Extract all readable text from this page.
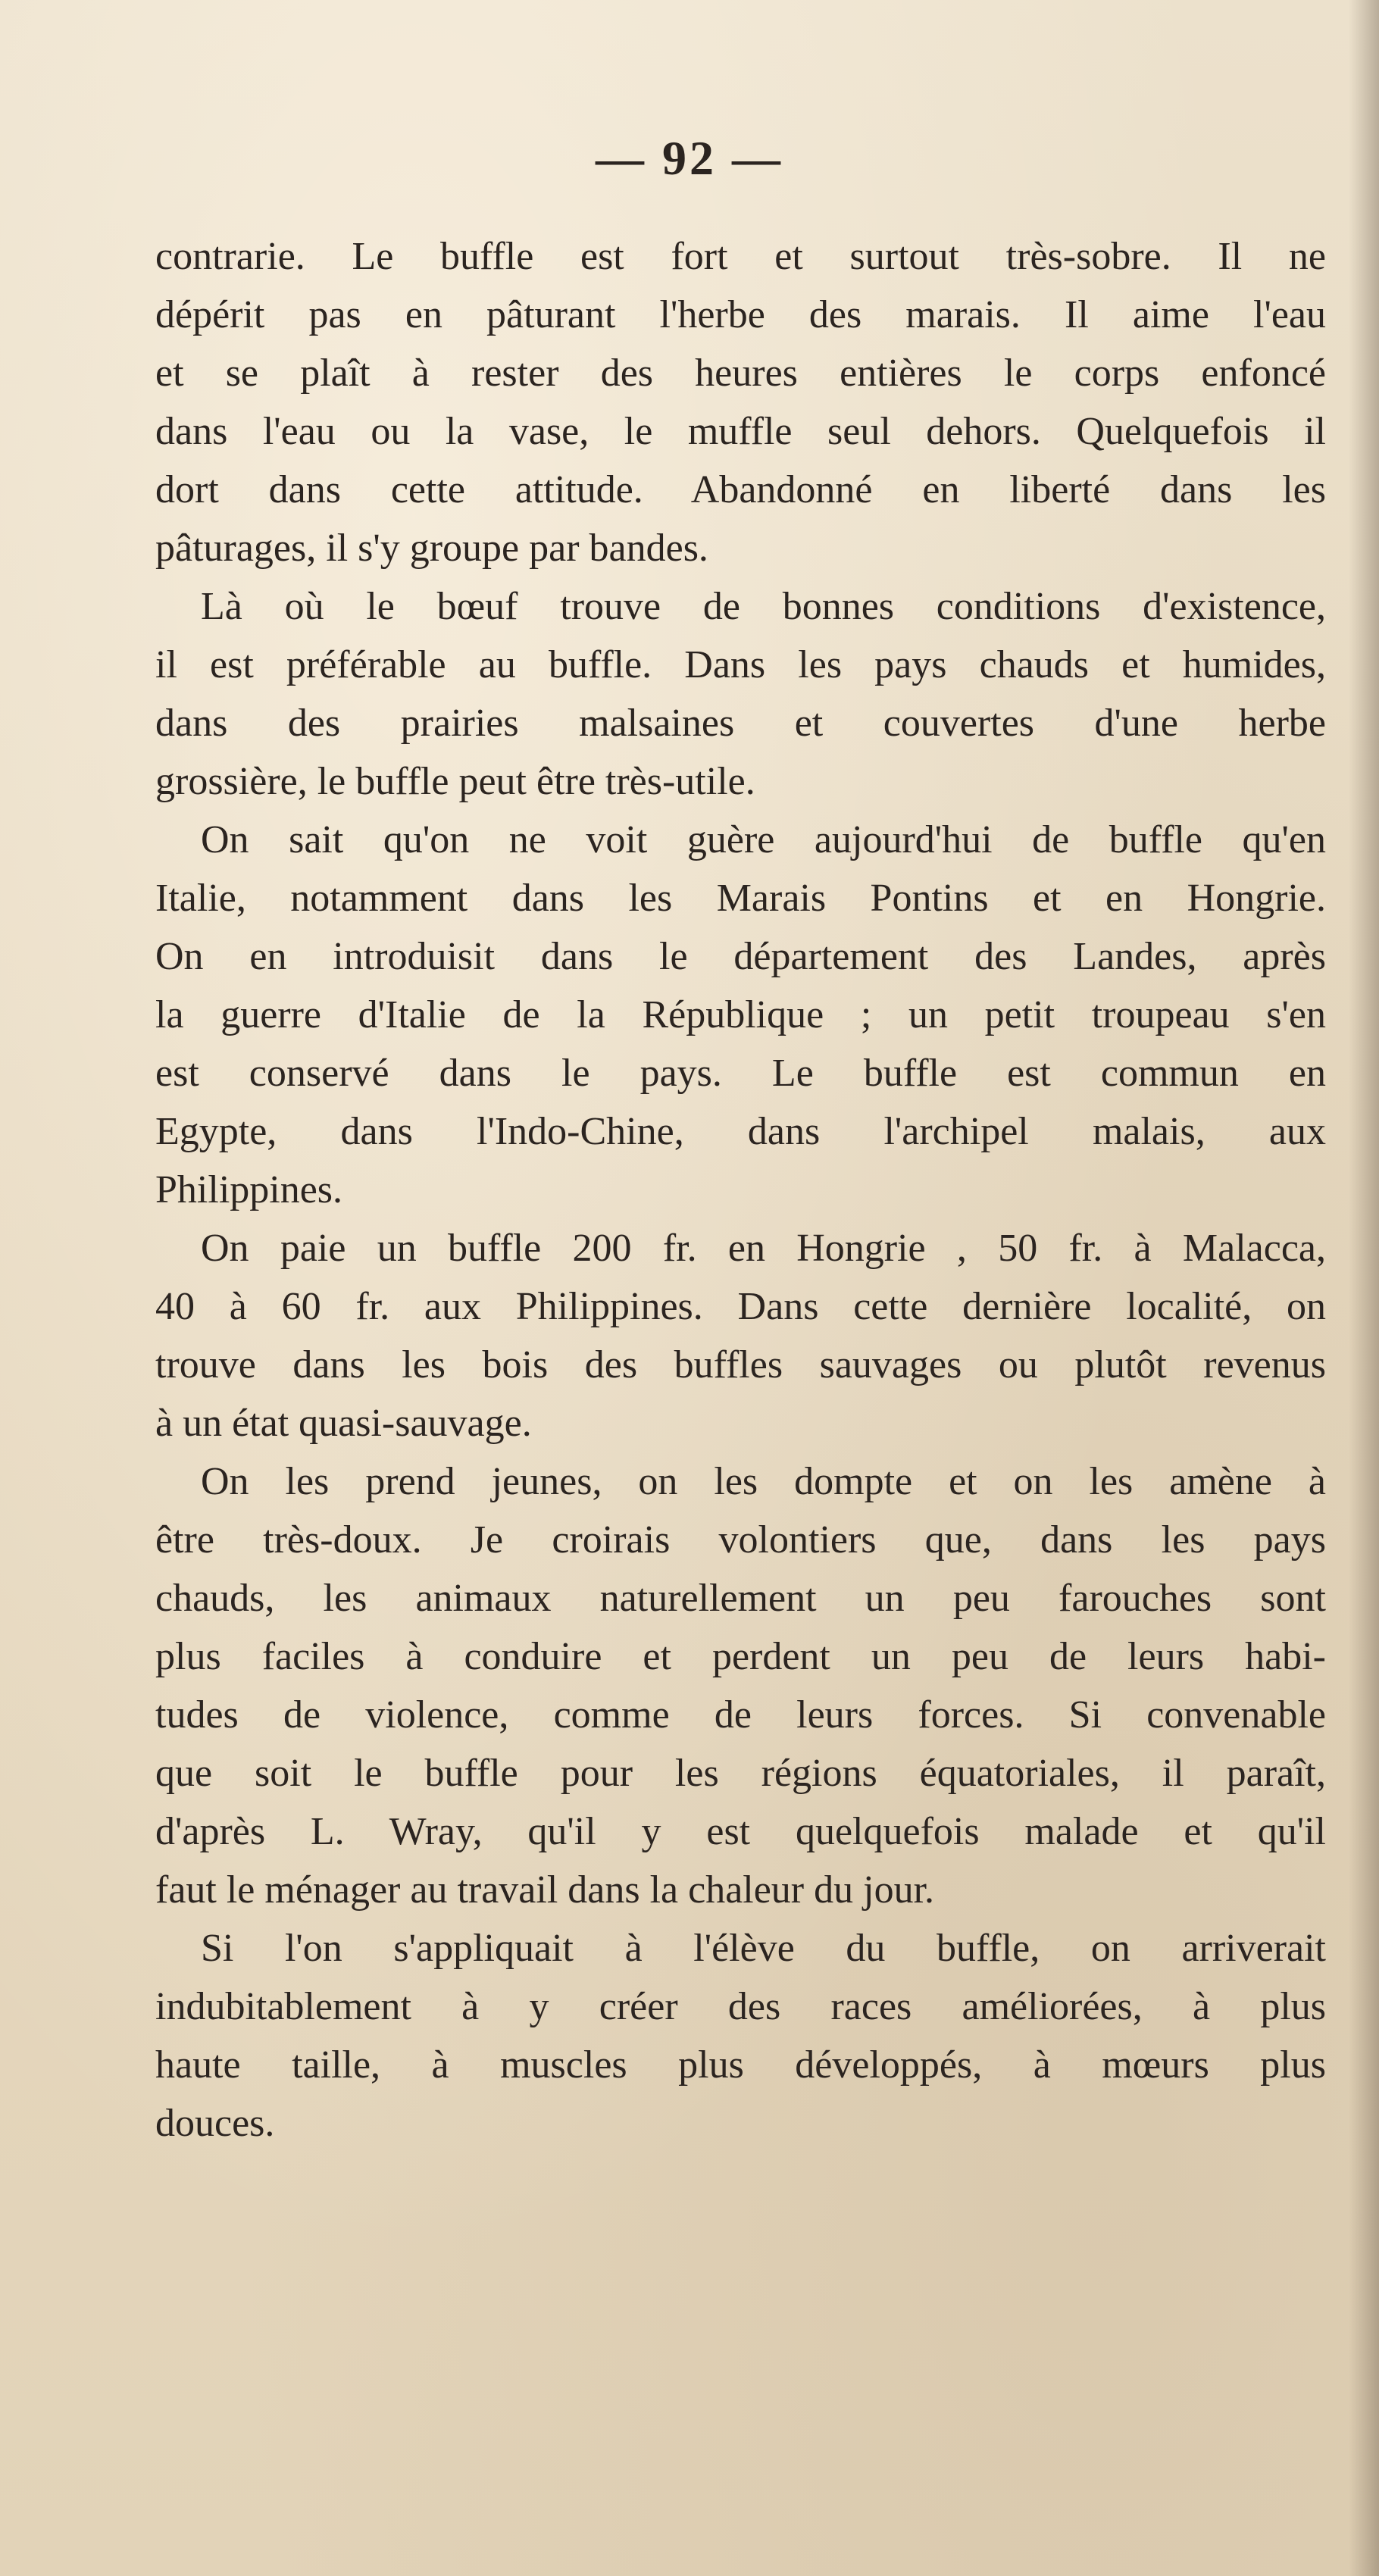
— 92 —
contrarie. Le buffle est fort et surtout très-sobre. Il ne
dépérit pas en pâturant l'herbe des marais. Il aime l'eau
et se plaît à rester des heures entières le corps enfoncé
dans l'eau ou la vase, le muffle seul dehors. Quelquefois il
dort dans cette attitude. Abandonné en liberté dans les
pâturages, il s'y groupe par bandes.
Là où le bœuf trouve de bonnes conditions d'existence,
il est préférable au buffle. Dans les pays chauds et humides,
dans des prairies malsaines et couvertes d'une herbe
grossière, le buffle peut être très-utile.
On sait qu'on ne voit guère aujourd'hui de buffle qu'en
Italie, notamment dans les Marais Pontins et en Hongrie.
On en introduisit dans le département des Landes, après
la guerre d'Italie de la République ; un petit troupeau s'en
est conservé dans le pays. Le buffle est commun en
Egypte, dans l'Indo-Chine, dans l'archipel malais, aux
Philippines.
On paie un buffle 200 fr. en Hongrie , 50 fr. à Malacca,
40 à 60 fr. aux Philippines. Dans cette dernière localité, on
trouve dans les bois des buffles sauvages ou plutôt revenus
à un état quasi-sauvage.
On les prend jeunes, on les dompte et on les amène à
être très-doux. Je croirais volontiers que, dans les pays
chauds, les animaux naturellement un peu farouches sont
plus faciles à conduire et perdent un peu de leurs habi-
tudes de violence, comme de leurs forces. Si convenable
que soit le buffle pour les régions équatoriales, il paraît,
d'après L. Wray, qu'il y est quelquefois malade et qu'il
faut le ménager au travail dans la chaleur du jour.
Si l'on s'appliquait à l'élève du buffle, on arriverait
indubitablement à y créer des races améliorées, à plus
haute taille, à muscles plus développés, à mœurs plus
douces.
